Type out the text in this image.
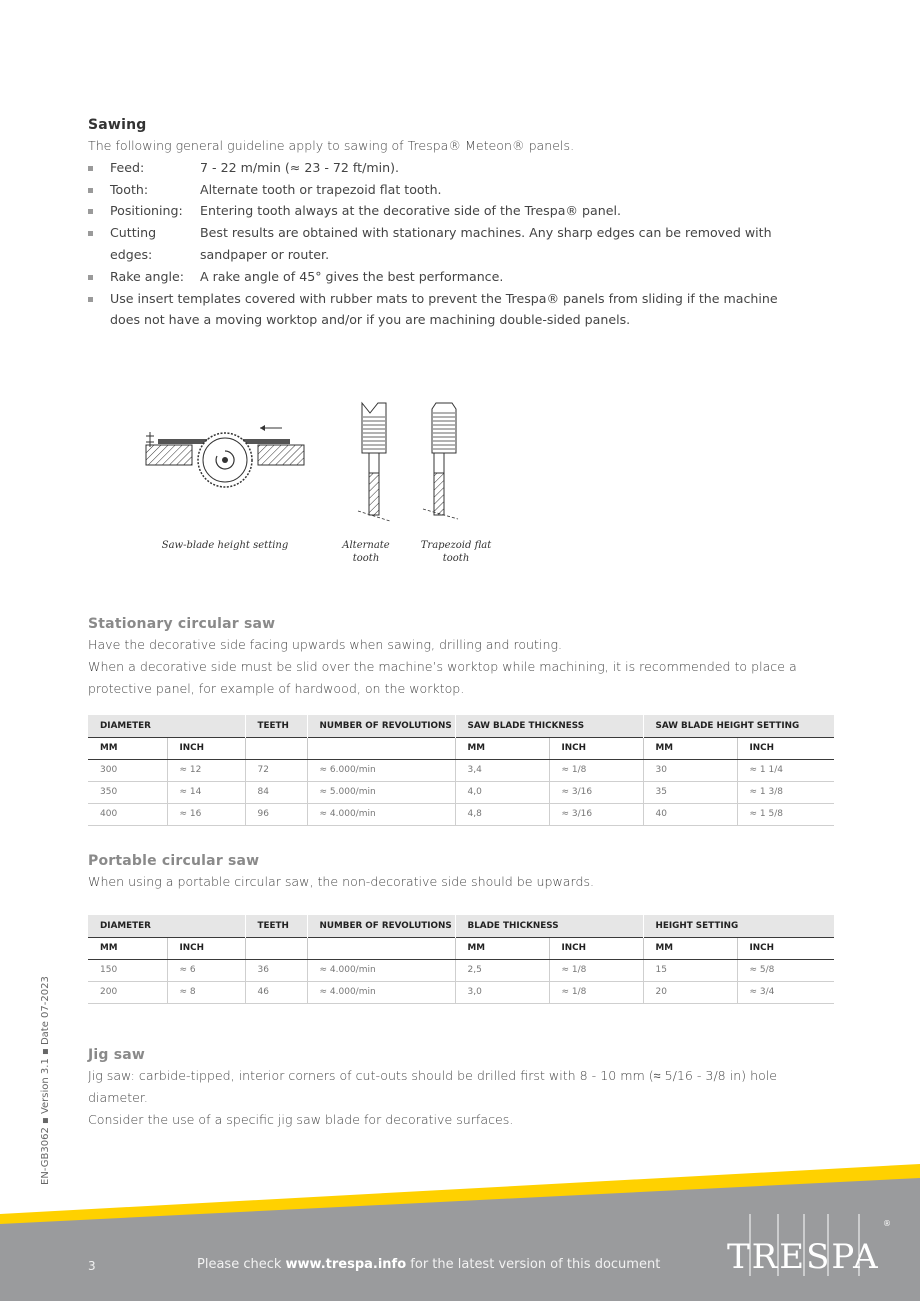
Sawing

The following general guideline apply to sawing of Trespa® Meteon® panels.

Feed:	7 - 22 m/min (≈ 23 - 72 ft/min).
Tooth:	Alternate tooth or trapezoid flat tooth.
Positioning:	Entering tooth always at the decorative side of the Trespa® panel.
Cutting edges:
Best results are obtained with stationary machines. Any sharp edges can be removed with sandpaper or router.
Rake angle:	A rake angle of 45° gives the best performance.
Use insert templates covered with rubber mats to prevent the Trespa® panels from sliding if the machine does not have a moving worktop and/or if you are machining double-sided panels.
Saw-blade height setting	Alternate
tooth
Trapezoid flat
tooth
Stationary circular saw

Have the decorative side facing upwards when sawing, drilling and routing.

When a decorative side must be slid over the machine’s worktop while machining, it is recommended to place a protective panel, for example of hardwood, on the worktop.

DIAMETER		TEETH	NUMBER OF REVOLUTIONS	SAW BLADE THICKNESS		SAW BLADE HEIGHT SETTING	
MM	INCH			MM	INCH	MM	INCH
300	≈ 12	72	≈ 6.000/min	3,4	≈ 1/8	30	≈ 1 1/4
350	≈ 14	84	≈ 5.000/min	4,0	≈ 3/16	35	≈ 1 3/8
400	≈ 16	96	≈ 4.000/min	4,8	≈ 3/16	40	≈ 1 5/8
Portable circular saw

When using a portable circular saw, the non-decorative side should be upwards.

DIAMETER		TEETH	NUMBER OF REVOLUTIONS	BLADE THICKNESS		HEIGHT SETTING	
MM	INCH			MM	INCH	MM	INCH
150	≈ 6	36	≈ 4.000/min	2,5	≈ 1/8	15	≈ 5/8
200	≈ 8	46	≈ 4.000/min	3,0	≈ 1/8	20	≈ 3/4
Jig saw

Jig saw: carbide-tipped, interior corners of cut-outs should be drilled first with 8 - 10 mm (≈ 5/16 - 3/8 in) hole diameter.

Consider the use of a specific jig saw blade for decorative surfaces.

EN-GB3062 ▪ Version 3.1 ▪ Date 07-2023
3	Please check www.trespa.info for the latest version of this document TRESPA
®
